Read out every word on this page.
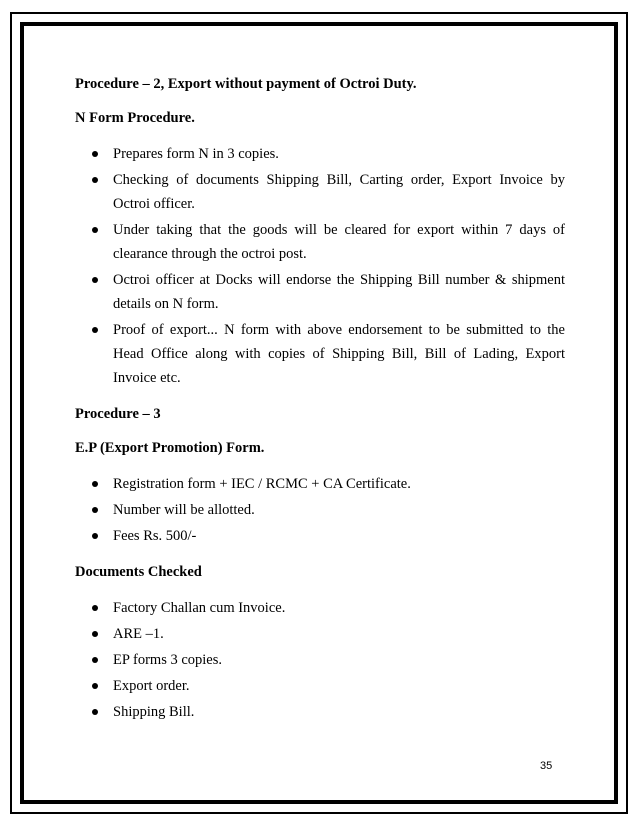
Procedure – 2, Export without payment of Octroi Duty.

N Form Procedure.

Prepares form N in 3 copies.
Checking of documents Shipping Bill, Carting order, Export Invoice by Octroi officer.
Under taking that the goods will be cleared for export within 7 days of clearance through the octroi post.
Octroi officer at Docks will endorse the Shipping Bill number & shipment details on N form.
Proof of export... N form with above endorsement to be submitted to the Head Office along with copies of Shipping Bill, Bill of Lading, Export Invoice etc.

Procedure – 3

E.P (Export Promotion) Form.

Registration form + IEC / RCMC + CA Certificate.
Number will be allotted.
Fees Rs. 500/-

Documents Checked

Factory Challan cum Invoice.
ARE –1.
EP forms 3 copies.
Export order.
Shipping Bill.
35
